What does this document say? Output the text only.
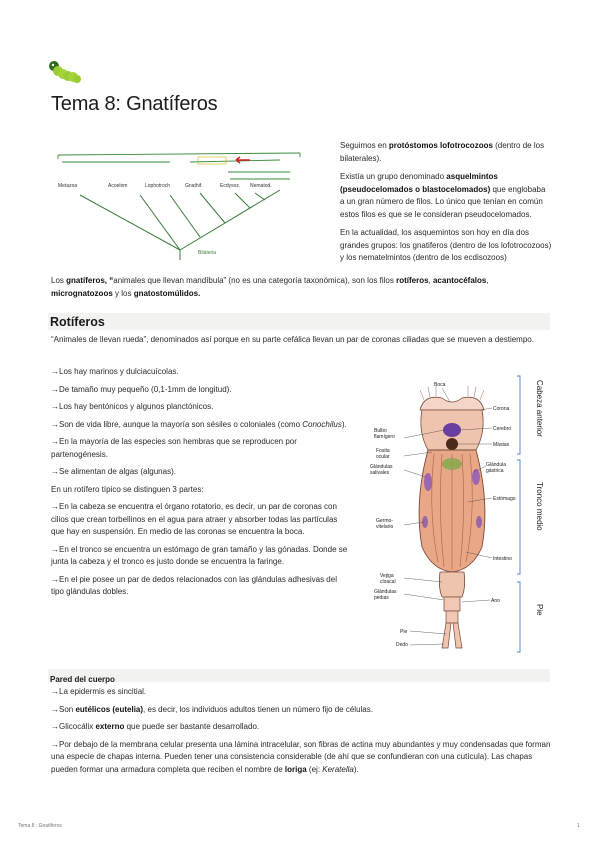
Tema 8: Gnatíferos
Metazoa	Acoelom	Lophotroch	Gnathif.	Ecdysoz. Nematod.
Bilateria

Seguimos en protóstomos lofotrocozoos (dentro de los bilaterales).

Existía un grupo denominado asquelmintos (pseudocelomados o blastocelomados) que englobaba a un gran número de filos. Lo único que tenían en común estos filos es que se le consideran pseudocelomados.

En la actualidad, los asquemintos son hoy en día dos grandes grupos: los gnatiferos (dentro de los lofotrocozoos) y los nematelmintos (dentro de los ecdisozoos)

Los gnatíferos, “animales que llevan mandíbula” (no es una categoría taxonómica), son los filos rotíferos, acantocéfalos, micrognatozoos y los gnatostomúlidos.

Rotíferos

“Animales de llevan rueda”, denominados así porque en su parte cefálica llevan un par de coronas ciliadas que se mueven a destiempo.

→Los hay marinos y dulciacuícolas.

→De tamaño muy pequeño (0,1-1mm de longitud).

→Los hay bentónicos y algunos planctónicos.

→Son de vida libre, aunque la mayoría son sésiles o coloniales (como Conochilus).

→En la mayoría de las especies son hembras que se reproducen por partenogénesis.

→Se alimentan de algas (algunas).

En un rotífero típico se distinguen 3 partes:

→En la cabeza se encuentra el órgano rotatorio, es decir, un par de coronas con cilios que crean torbellinos en el agua para atraer y absorber todas las partículas que hay en suspensión. En medio de las coronas se encuentra la boca.

→En el tronco se encuentra un estómago de gran tamaño y las gónadas. Donde se junta la cabeza y el tronco es justo donde se encuentra la faringe.

→En el pie posee un par de dedos relacionados con las glándulas adhesivas del tipo glándulas dobles.

Boca
Corona
Bulbo flamígero
Cerebro
Fosita ocular
Mástax
Glándulas salivales
Glándula gástrica
Estómago
Germo-vitelario
Intestino
Vejiga cloacal
Glándulas pedias	Ano
Pie
Dedo
Cabeza anterior
Tronco medio
Pie
Pared del cuerpo

→La epidermis es sincitial.

→Son eutélicos (eutelia), es decir, los individuos adultos tienen un número fijo de células.

→Glicocálix externo que puede ser bastante desarrollado.

→Por debajo de la membrana celular presenta una lámina intracelular, son fibras de actina muy abundantes y muy condensadas que forman una especie de chapas interna. Pueden tener una consistencia considerable (de ahí que se confundieran con una cutícula). Las chapas pueden formar una armadura completa que reciben el nombre de loriga (ej: Keratella).

Tema 8 : Gnatíferos	1
